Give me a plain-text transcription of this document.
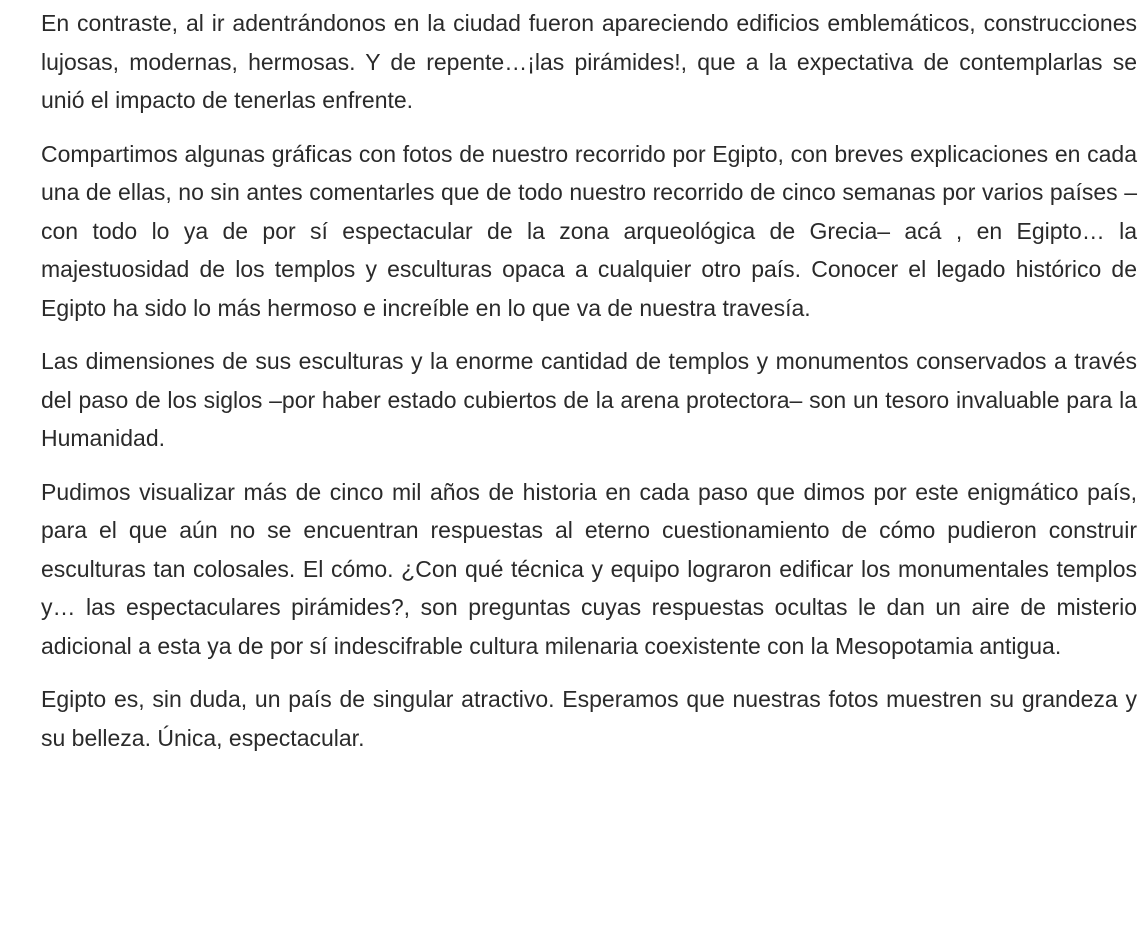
En contraste, al ir adentrándonos en la ciudad fueron apareciendo edificios emblemáticos, construcciones lujosas, modernas, hermosas. Y de repente…¡las pirámides!, que a la expectativa de contemplarlas se unió el impacto de tenerlas enfrente.

Compartimos algunas gráficas con fotos de nuestro recorrido por Egipto, con breves explicaciones en cada una de ellas, no sin antes comentarles que de todo nuestro recorrido de cinco semanas por varios países –con todo lo ya de por sí espectacular de la zona arqueológica de Grecia– acá , en Egipto… la majestuosidad de los templos y esculturas opaca a cualquier otro país. Conocer el legado histórico de Egipto ha sido lo más hermoso e increíble en lo que va de nuestra travesía.

Las dimensiones de sus esculturas y la enorme cantidad de templos y monumentos conservados a través del paso de los siglos –por haber estado cubiertos de la arena protectora– son un tesoro invaluable para la Humanidad.

Pudimos visualizar más de cinco mil años de historia en cada paso que dimos por este enigmático país, para el que aún no se encuentran respuestas al eterno cuestionamiento de cómo pudieron construir esculturas tan colosales. El cómo. ¿Con qué técnica y equipo lograron edificar los monumentales templos y… las espectaculares pirámides?, son preguntas cuyas respuestas ocultas le dan un aire de misterio adicional a esta ya de por sí indescifrable cultura milenaria coexistente con la Mesopotamia antigua.

Egipto es, sin duda, un país de singular atractivo. Esperamos que nuestras fotos muestren su grandeza y su belleza. Única, espectacular.
